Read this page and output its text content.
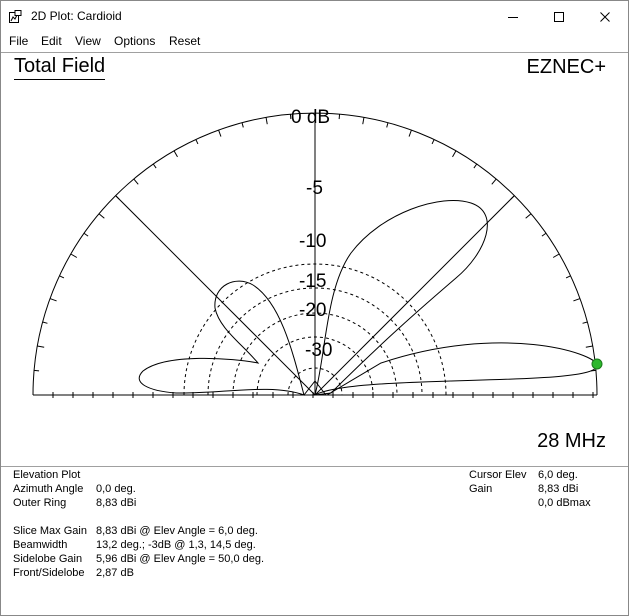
2D Plot: Cardioid
File Edit View Options Reset
0 dB
-5
-10
-15
-20
-30
Total Field	EZNEC+
28 MHz
Elevation Plot
Azimuth Angle 0,0 deg.
Outer Ring	8,83 dBi
Slice Max Gain 8,83 dBi @ Elev Angle = 6,0 deg.
Beamwidth	13,2 deg.; -3dB @ 1,3, 14,5 deg.
Sidelobe Gain 5,96 dBi @ Elev Angle = 50,0 deg.
Front/Sidelobe 2,87 dB
Cursor Elev 6,0 deg.
Gain	8,83 dBi
0,0 dBmax
